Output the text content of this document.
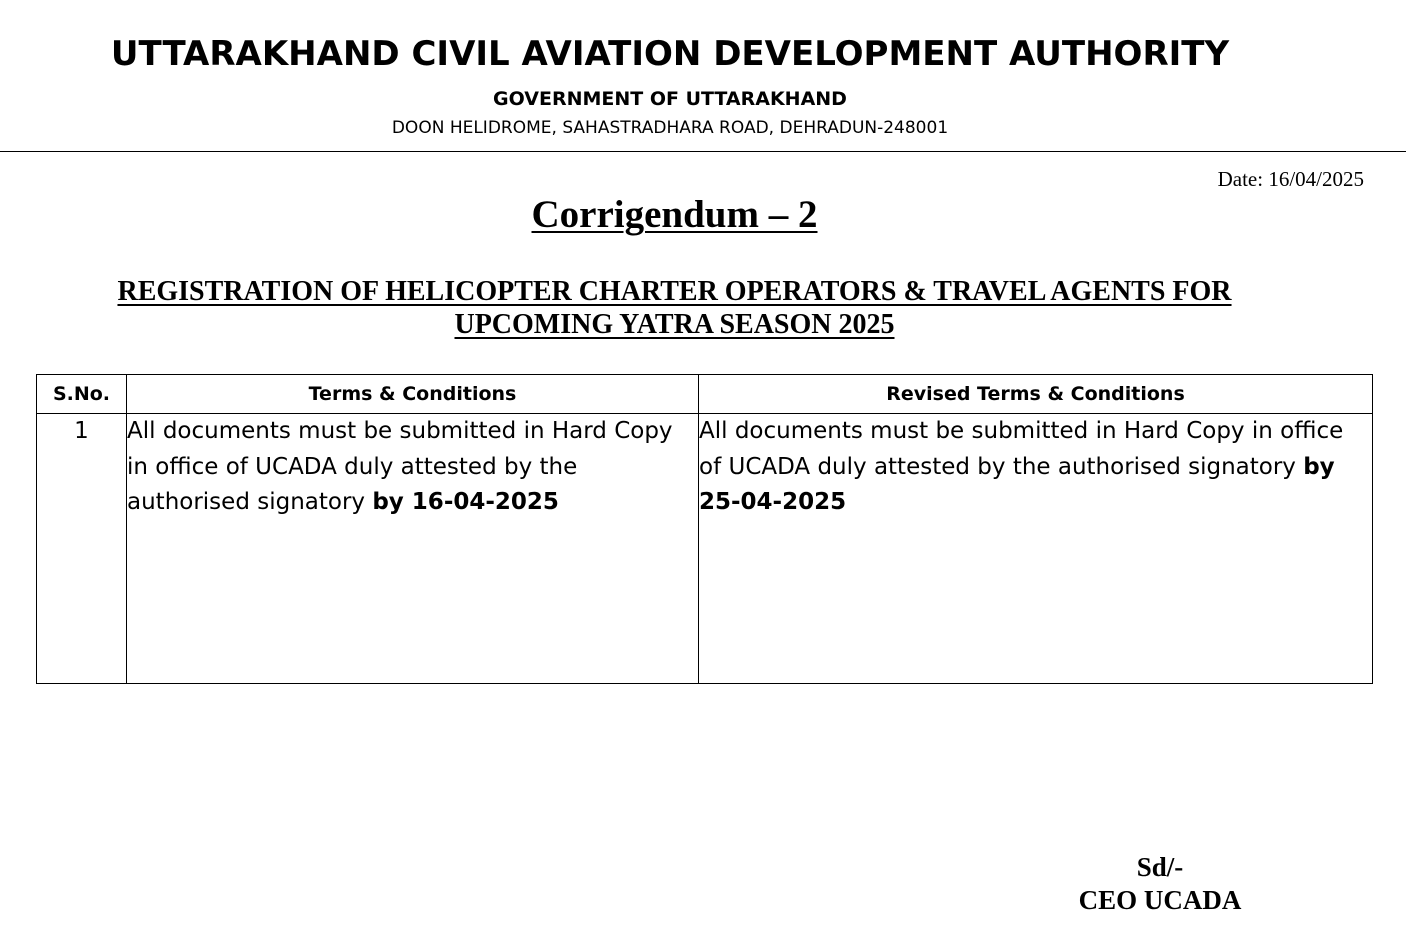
UTTARAKHAND CIVIL AVIATION DEVELOPMENT AUTHORITY
GOVERNMENT OF UTTARAKHAND
DOON HELIDROME, SAHASTRADHARA ROAD, DEHRADUN-248001
Date: 16/04/2025
Corrigendum – 2
REGISTRATION OF HELICOPTER CHARTER OPERATORS & TRAVEL AGENTS FOR
UPCOMING YATRA SEASON 2025
S.No.	Terms & Conditions	Revised Terms & Conditions
1	All documents must be submitted in Hard Copy in office of UCADA duly attested by the authorised signatory by 16-04-2025	All documents must be submitted in Hard Copy in office of UCADA duly attested by the authorised signatory by 25-04-2025
Sd/-
CEO UCADA
